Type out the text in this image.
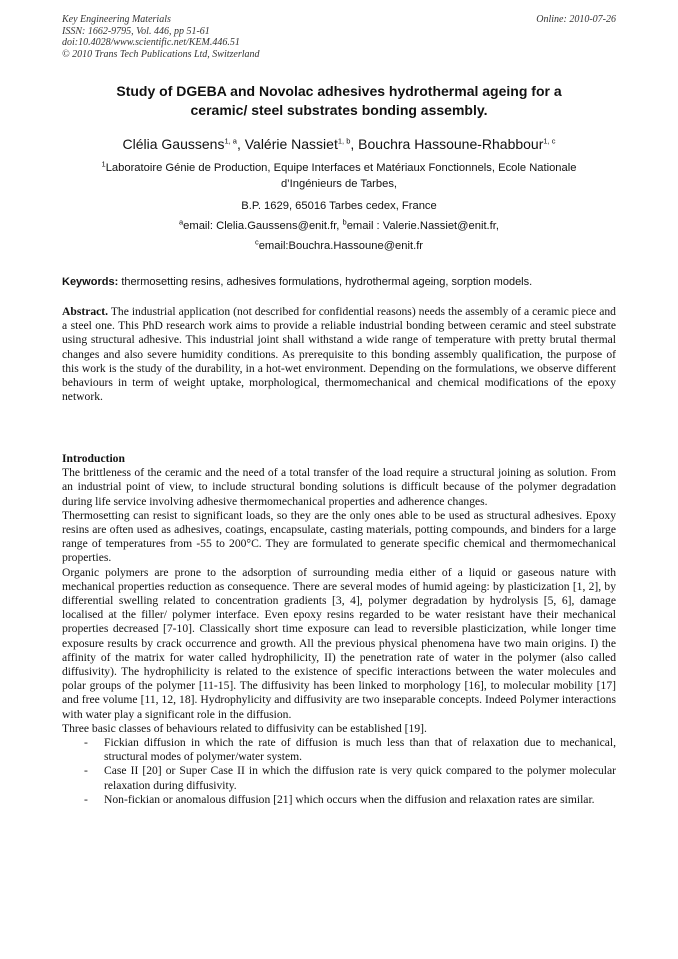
Key Engineering Materials
ISSN: 1662-9795, Vol. 446, pp 51-61
doi:10.4028/www.scientific.net/KEM.446.51
© 2010 Trans Tech Publications Ltd, Switzerland
Online: 2010-07-26
Study of DGEBA and Novolac adhesives hydrothermal ageing for a
ceramic/ steel substrates bonding assembly.
Clélia Gaussens$^{1, a}$, Valérie Nassiet$^{1, b}$, Bouchra Hassoune-Rhabbour$^{1, c}$
$^1$Laboratoire Génie de Production, Equipe Interfaces et Matériaux Fonctionnels, Ecole Nationale
d’Ingénieurs de Tarbes,
B.P. 1629, 65016 Tarbes cedex, France
$^a$email: Clelia.Gaussens@enit.fr, $^b$email : Valerie.Nassiet@enit.fr,
$^c$email:Bouchra.Hassoune@enit.fr
Keywords: thermosetting resins, adhesives formulations, hydrothermal ageing, sorption models.
Abstract. The industrial application (not described for confidential reasons) needs the assembly of a ceramic piece and a steel one. This PhD research work aims to provide a reliable industrial bonding between ceramic and steel substrate using structural adhesive. This industrial joint shall withstand a wide range of temperature with pretty brutal thermal changes and also severe humidity conditions. As prerequisite to this bonding assembly qualification, the purpose of this work is the study of the durability, in a hot-wet environment. Depending on the formulations, we observe different behaviours in term of weight uptake, morphological, thermomechanical and chemical modifications of the epoxy network.
Introduction

The brittleness of the ceramic and the need of a total transfer of the load require a structural joining as solution. From an industrial point of view, to include structural bonding solutions is difficult because of the polymer degradation during life service involving adhesive thermomechanical properties and adherence changes.

Thermosetting can resist to significant loads, so they are the only ones able to be used as structural adhesives. Epoxy resins are often used as adhesives, coatings, encapsulate, casting materials, potting compounds, and binders for a large range of temperatures from -55 to 200°C. They are formulated to generate specific chemical and thermomechanical properties.

Organic polymers are prone to the adsorption of surrounding media either of a liquid or gaseous nature with mechanical properties reduction as consequence. There are several modes of humid ageing: by plasticization [1, 2], by differential swelling related to concentration gradients [3, 4], polymer degradation by hydrolysis [5, 6], damage localised at the filler/ polymer interface. Even epoxy resins regarded to be water resistant have their mechanical properties decreased [7-10]. Classically short time exposure can lead to reversible plasticization, while longer time exposure results by crack occurrence and growth. All the previous physical phenomena have two main origins. I) the affinity of the matrix for water called hydrophilicity, II) the penetration rate of water in the polymer (also called diffusivity). The hydrophilicity is related to the existence of specific interactions between the water molecules and polar groups of the polymer [11-15]. The diffusivity has been linked to morphology [16], to molecular mobility [17] and free volume [11, 12, 18]. Hydrophylicity and diffusivity are two inseparable concepts. Indeed Polymer interactions with water play a significant role in the diffusion.

Three basic classes of behaviours related to diffusivity can be established [19].

- Fickian diffusion in which the rate of diffusion is much less than that of relaxation due to mechanical, structural modes of polymer/water system.
- Case II [20] or Super Case II in which the diffusion rate is very quick compared to the polymer molecular relaxation during diffusivity.
- Non-fickian or anomalous diffusion [21] which occurs when the diffusion and relaxation rates are similar.
